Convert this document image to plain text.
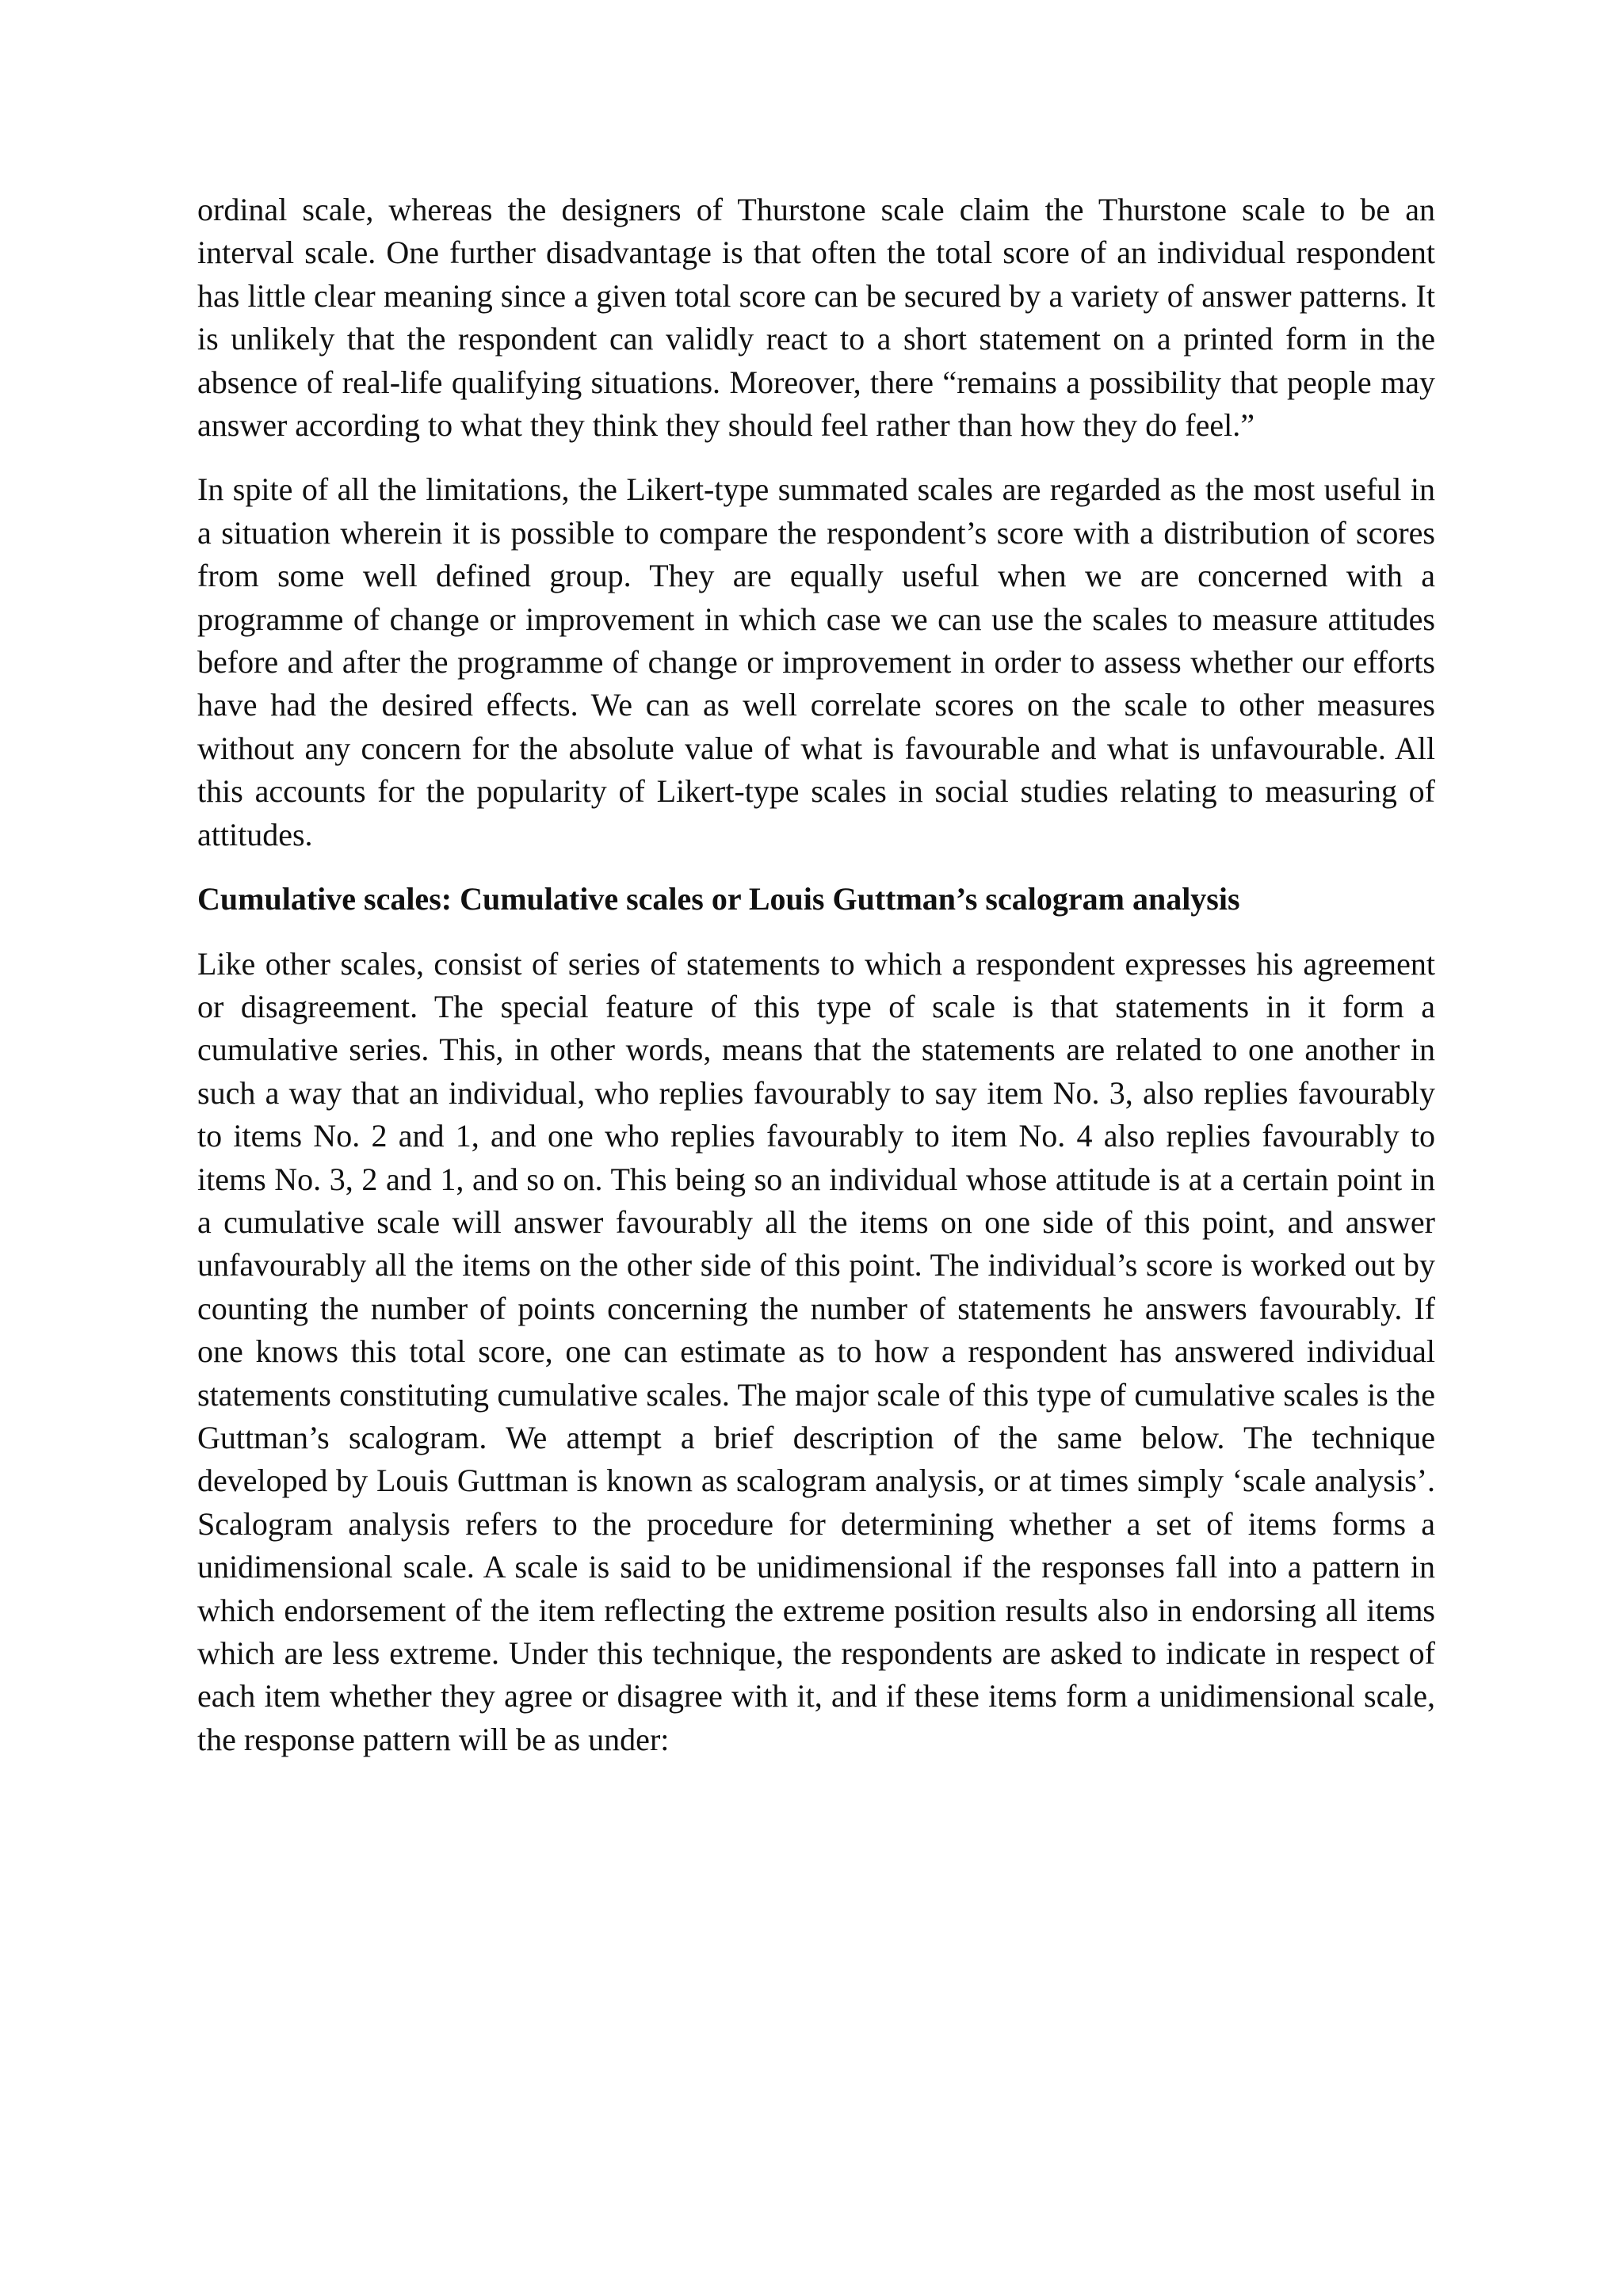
ordinal scale, whereas the designers of Thurstone scale claim the Thurstone scale to be an interval scale. One further disadvantage is that often the total score of an individual respondent has little clear meaning since a given total score can be secured by a variety of answer patterns. It is unlikely that the respondent can validly react to a short statement on a printed form in the absence of real-life qualifying situations. Moreover, there “remains a possibility that people may answer according to what they think they should feel rather than how they do feel.”

In spite of all the limitations, the Likert-type summated scales are regarded as the most useful in a situation wherein it is possible to compare the respondent’s score with a distribution of scores from some well defined group. They are equally useful when we are concerned with a programme of change or improvement in which case we can use the scales to measure attitudes before and after the programme of change or improvement in order to assess whether our efforts have had the desired effects. We can as well correlate scores on the scale to other measures without any concern for the absolute value of what is favourable and what is unfavourable. All this accounts for the popularity of Likert-type scales in social studies relating to measuring of attitudes.

Cumulative scales: Cumulative scales or Louis Guttman’s scalogram analysis

Like other scales, consist of series of statements to which a respondent expresses his agreement or disagreement. The special feature of this type of scale is that statements in it form a cumulative series. This, in other words, means that the statements are related to one another in such a way that an individual, who replies favourably to say item No. 3, also replies favourably to items No. 2 and 1, and one who replies favourably to item No. 4 also replies favourably to items No. 3, 2 and 1, and so on. This being so an individual whose attitude is at a certain point in a cumulative scale will answer favourably all the items on one side of this point, and answer unfavourably all the items on the other side of this point. The individual’s score is worked out by counting the number of points concerning the number of statements he answers favourably. If one knows this total score, one can estimate as to how a respondent has answered individual statements constituting cumulative scales. The major scale of this type of cumulative scales is the Guttman’s scalogram. We attempt a brief description of the same below. The technique developed by Louis Guttman is known as scalogram analysis, or at times simply ‘scale analysis’. Scalogram analysis refers to the procedure for determining whether a set of items forms a unidimensional scale. A scale is said to be unidimensional if the responses fall into a pattern in which endorsement of the item reflecting the extreme position results also in endorsing all items which are less extreme. Under this technique, the respondents are asked to indicate in respect of each item whether they agree or disagree with it, and if these items form a unidimensional scale, the response pattern will be as under:
